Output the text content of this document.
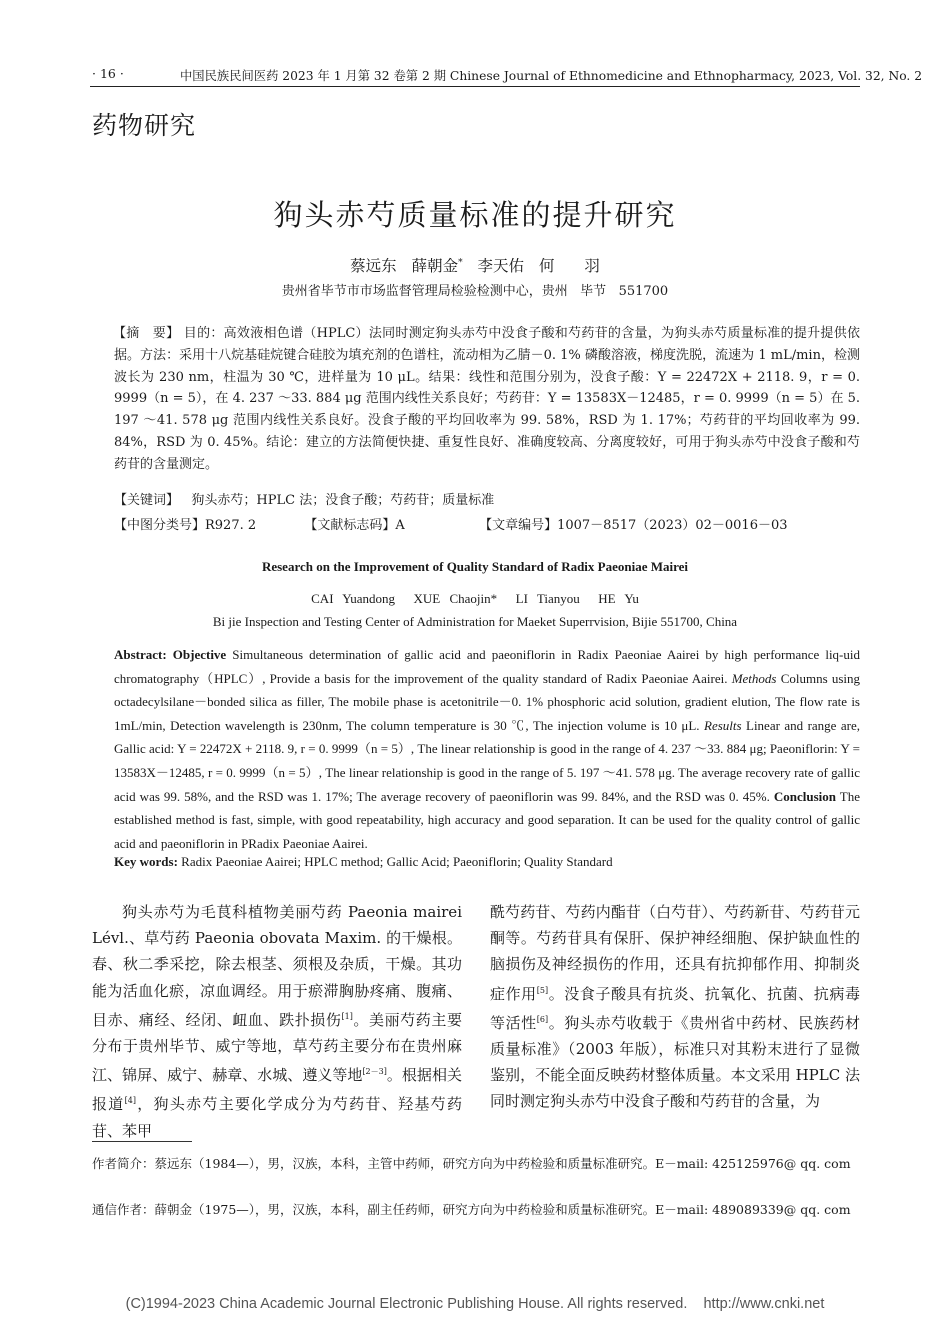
· 16 ·	中国民族民间医药 2023 年 1 月第 32 卷第 2 期 Chinese Journal of Ethnomedicine and Ethnopharmacy, 2023, Vol. 32, No. 2
药物研究
狗头赤芍质量标准的提升研究
蔡远东 薛朝金* 李天佑 何  羽
贵州省毕节市市场监督管理局检验检测中心，贵州   毕节   551700
【摘   要】 目的：高效液相色谱（HPLC）法同时测定狗头赤芍中没食子酸和芍药苷的含量，为狗头赤芍质量标准的提升提供依据。方法：采用十八烷基硅烷键合硅胶为填充剂的色谱柱，流动相为乙腈－0. 1% 磷酸溶液，梯度洗脱，流速为 1 mL/min，检测波长为 230 nm，柱温为 30 ℃，进样量为 10 μL。结果：线性和范围分别为，没食子酸：Y = 22472X + 2118. 9，r = 0. 9999（n = 5），在 4. 237 ～33. 884 μg 范围内线性关系良好；芍药苷：Y = 13583X－12485，r = 0. 9999（n = 5）在 5. 197 ～41. 578 μg 范围内线性关系良好。没食子酸的平均回收率为 99. 58%，RSD 为 1. 17%；芍药苷的平均回收率为 99. 84%，RSD 为 0. 45%。结论：建立的方法简便快捷、重复性良好、准确度较高、分离度较好，可用于狗头赤芍中没食子酸和芍药苷的含量测定。
【关键词】 狗头赤芍；HPLC 法；没食子酸；芍药苷；质量标准
【中图分类号】R927. 2	【文献标志码】A	【文章编号】1007－8517（2023）02－0016－03
Research on the Improvement of Quality Standard of Radix Paeoniae Mairei
CAI Yuandong  XUE Chaojin*  LI Tianyou  HE Yu
Bi jie Inspection and Testing Center of Administration for Maeket Superrvision, Bijie 551700, China
Abstract: Objective Simultaneous determination of gallic acid and paeoniflorin in Radix Paeoniae Aairei by high performance liq-uid chromatography（HPLC）, Provide a basis for the improvement of the quality standard of Radix Paeoniae Aairei. Methods Columns using octadecylsilane－bonded silica as filler, The mobile phase is acetonitrile－0. 1% phosphoric acid solution, gradient elution, The flow rate is 1mL/min, Detection wavelength is 230nm, The column temperature is 30 ℃, The injection volume is 10 μL. Results Linear and range are, Gallic acid: Y = 22472X + 2118. 9, r = 0. 9999（n = 5）, The linear relationship is good in the range of 4. 237 ～33. 884 μg; Paeoniflorin: Y = 13583X－12485, r = 0. 9999（n = 5）, The linear relationship is good in the range of 5. 197 ～41. 578 μg. The average recovery rate of gallic acid was 99. 58%, and the RSD was 1. 17%; The average recovery of paeoniflorin was 99. 84%, and the RSD was 0. 45%. Conclusion The established method is fast, simple, with good repeatability, high accuracy and good separation. It can be used for the quality control of gallic acid and paeoniflorin in PRadix Paeoniae Aairei.
Key words: Radix Paeoniae Aairei; HPLC method; Gallic Acid; Paeoniflorin; Quality Standard
狗头赤芍为毛茛科植物美丽芍药 Paeonia mairei Lévl.、草芍药 Paeonia obovata Maxim. 的干燥根。春、秋二季采挖，除去根茎、须根及杂质，干燥。其功能为活血化瘀，凉血调经。用于瘀滞胸胁疼痛、腹痛、目赤、痛经、经闭、衄血、跌扑损伤[1]。美丽芍药主要分布于贵州毕节、威宁等地，草芍药主要分布在贵州麻江、锦屏、威宁、赫章、水城、遵义等地[2－3]。根据相关报道[4]，狗头赤芍主要化学成分为芍药苷、羟基芍药苷、苯甲
酰芍药苷、芍药内酯苷（白芍苷）、芍药新苷、芍药苷元酮等。芍药苷具有保肝、保护神经细胞、保护缺血性的脑损伤及神经损伤的作用，还具有抗抑郁作用、抑制炎症作用[5]。没食子酸具有抗炎、抗氧化、抗菌、抗病毒等活性[6]。狗头赤芍收载于《贵州省中药材、民族药材质量标准》（2003 年版），标准只对其粉末进行了显微鉴别，不能全面反映药材整体质量。本文采用 HPLC 法同时测定狗头赤芍中没食子酸和芍药苷的含量，为
作者简介：蔡远东（1984—），男，汉族，本科，主管中药师，研究方向为中药检验和质量标准研究。E－mail: 425125976@ qq. com
通信作者：薛朝金（1975—），男，汉族，本科，副主任药师，研究方向为中药检验和质量标准研究。E－mail: 489089339@ qq. com
(C)1994-2023 China Academic Journal Electronic Publishing House. All rights reserved.    http://www.cnki.net
